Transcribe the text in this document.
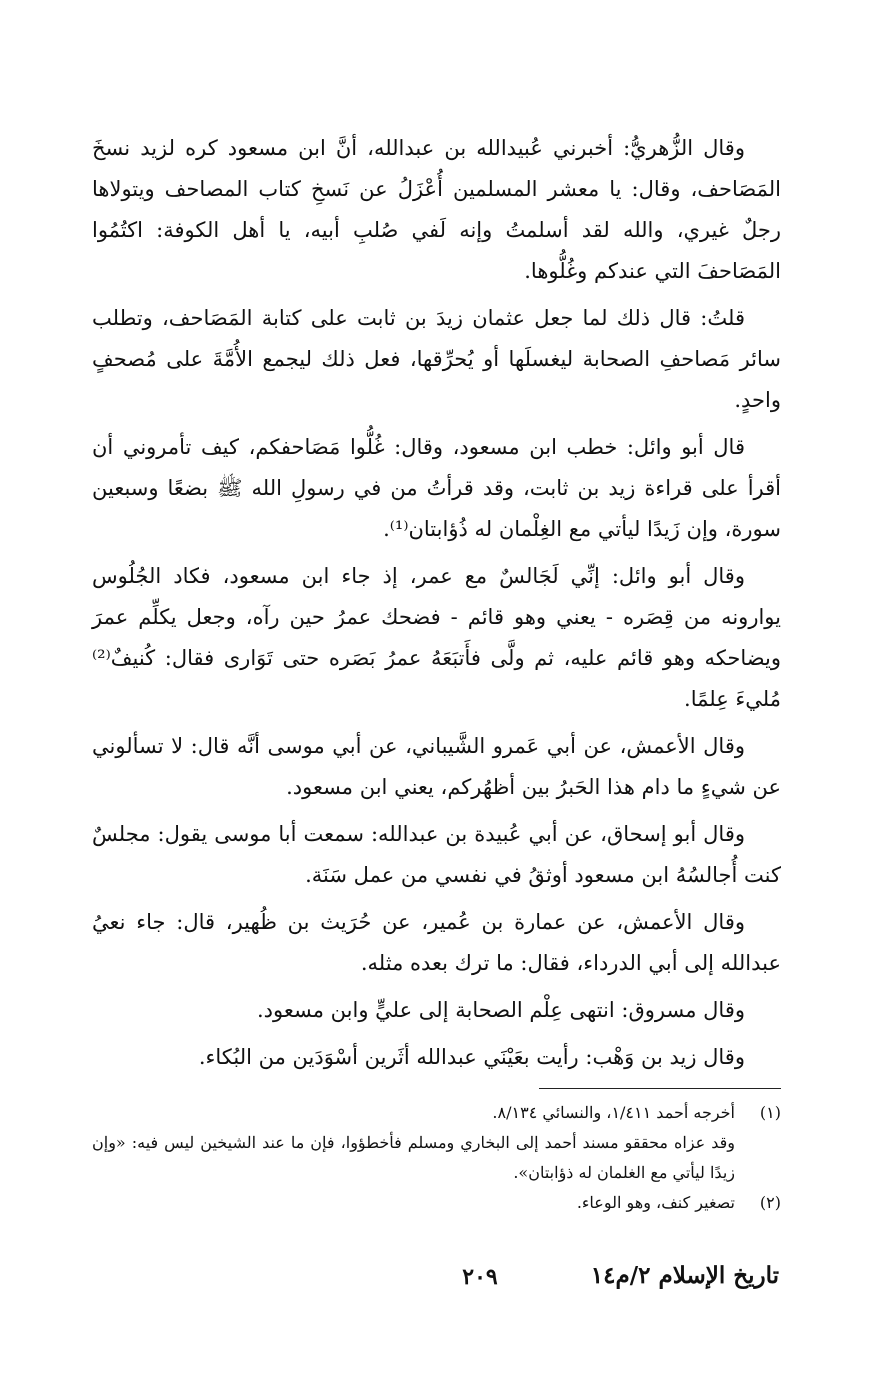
وقال الزُّهريُّ: أخبرني عُبيدالله بن عبدالله، أنَّ ابن مسعود كره لزيد نسخَ المَصَاحف، وقال: يا معشر المسلمين أُعْزَلُ عن نَسخِ كتاب المصاحف ويتولاها رجلٌ غيري، والله لقد أسلمتُ وإنه لَفي صُلبِ أبيه، يا أهل الكوفة: اكتُمُوا المَصَاحفَ التي عندكم وغُلُّوها.

قلتُ: قال ذلك لما جعل عثمان زيدَ بن ثابت على كتابة المَصَاحف، وتطلب سائر مَصاحفِ الصحابة ليغسلَها أو يُحرِّقها، فعل ذلك ليجمع الأُمَّةَ على مُصحفٍ واحدٍ.

قال أبو وائل: خطب ابن مسعود، وقال: غُلُّوا مَصَاحفكم، كيف تأمروني أن أقرأ على قراءة زيد بن ثابت، وقد قرأتُ من في رسولِ الله ﷺ بضعًا وسبعين سورة، وإن زَيدًا ليأتي مع الغِلْمان له ذُؤابتان⁽¹⁾.

وقال أبو وائل: إنِّي لَجَالسٌ مع عمر، إذ جاء ابن مسعود، فكاد الجُلُوس يوارونه من قِصَره - يعني وهو قائم - فضحك عمرُ حين رآه، وجعل يكلِّم عمرَ ويضاحكه وهو قائم عليه، ثم ولَّى فأَتبَعَهُ عمرُ بَصَره حتى تَوَارى فقال: كُنيفٌ⁽²⁾ مُليءَ عِلمًا.

وقال الأعمش، عن أبي عَمرو الشَّيباني، عن أبي موسى أنَّه قال: لا تسألوني عن شيءٍ ما دام هذا الحَبرُ بين أظهُركم، يعني ابن مسعود.

وقال أبو إسحاق، عن أبي عُبيدة بن عبدالله: سمعت أبا موسى يقول: مجلسٌ كنت أُجالسُهُ ابن مسعود أوثقُ في نفسي من عمل سَنَة.

وقال الأعمش، عن عمارة بن عُمير، عن حُرَيث بن ظُهير، قال: جاء نعيُ عبدالله إلى أبي الدرداء، فقال: ما ترك بعده مثله.

وقال مسروق: انتهى عِلْم الصحابة إلى عليٍّ وابن مسعود.

وقال زيد بن وَهْب: رأيت بعَيْنَي عبدالله أثَرين أسْوَدَين من البُكاء.

(١)أخرجه أحمد ١/٤١١، والنسائي ٨/١٣٤.

وقد عزاه محققو مسند أحمد إلى البخاري ومسلم فأخطؤوا، فإن ما عند الشيخين ليس فيه: «وإن زيدًا ليأتي مع الغلمان له ذؤابتان».

(٢)تصغير كنف، وهو الوعاء.

٢٠٩	تاريخ الإسلام ٢/م١٤
